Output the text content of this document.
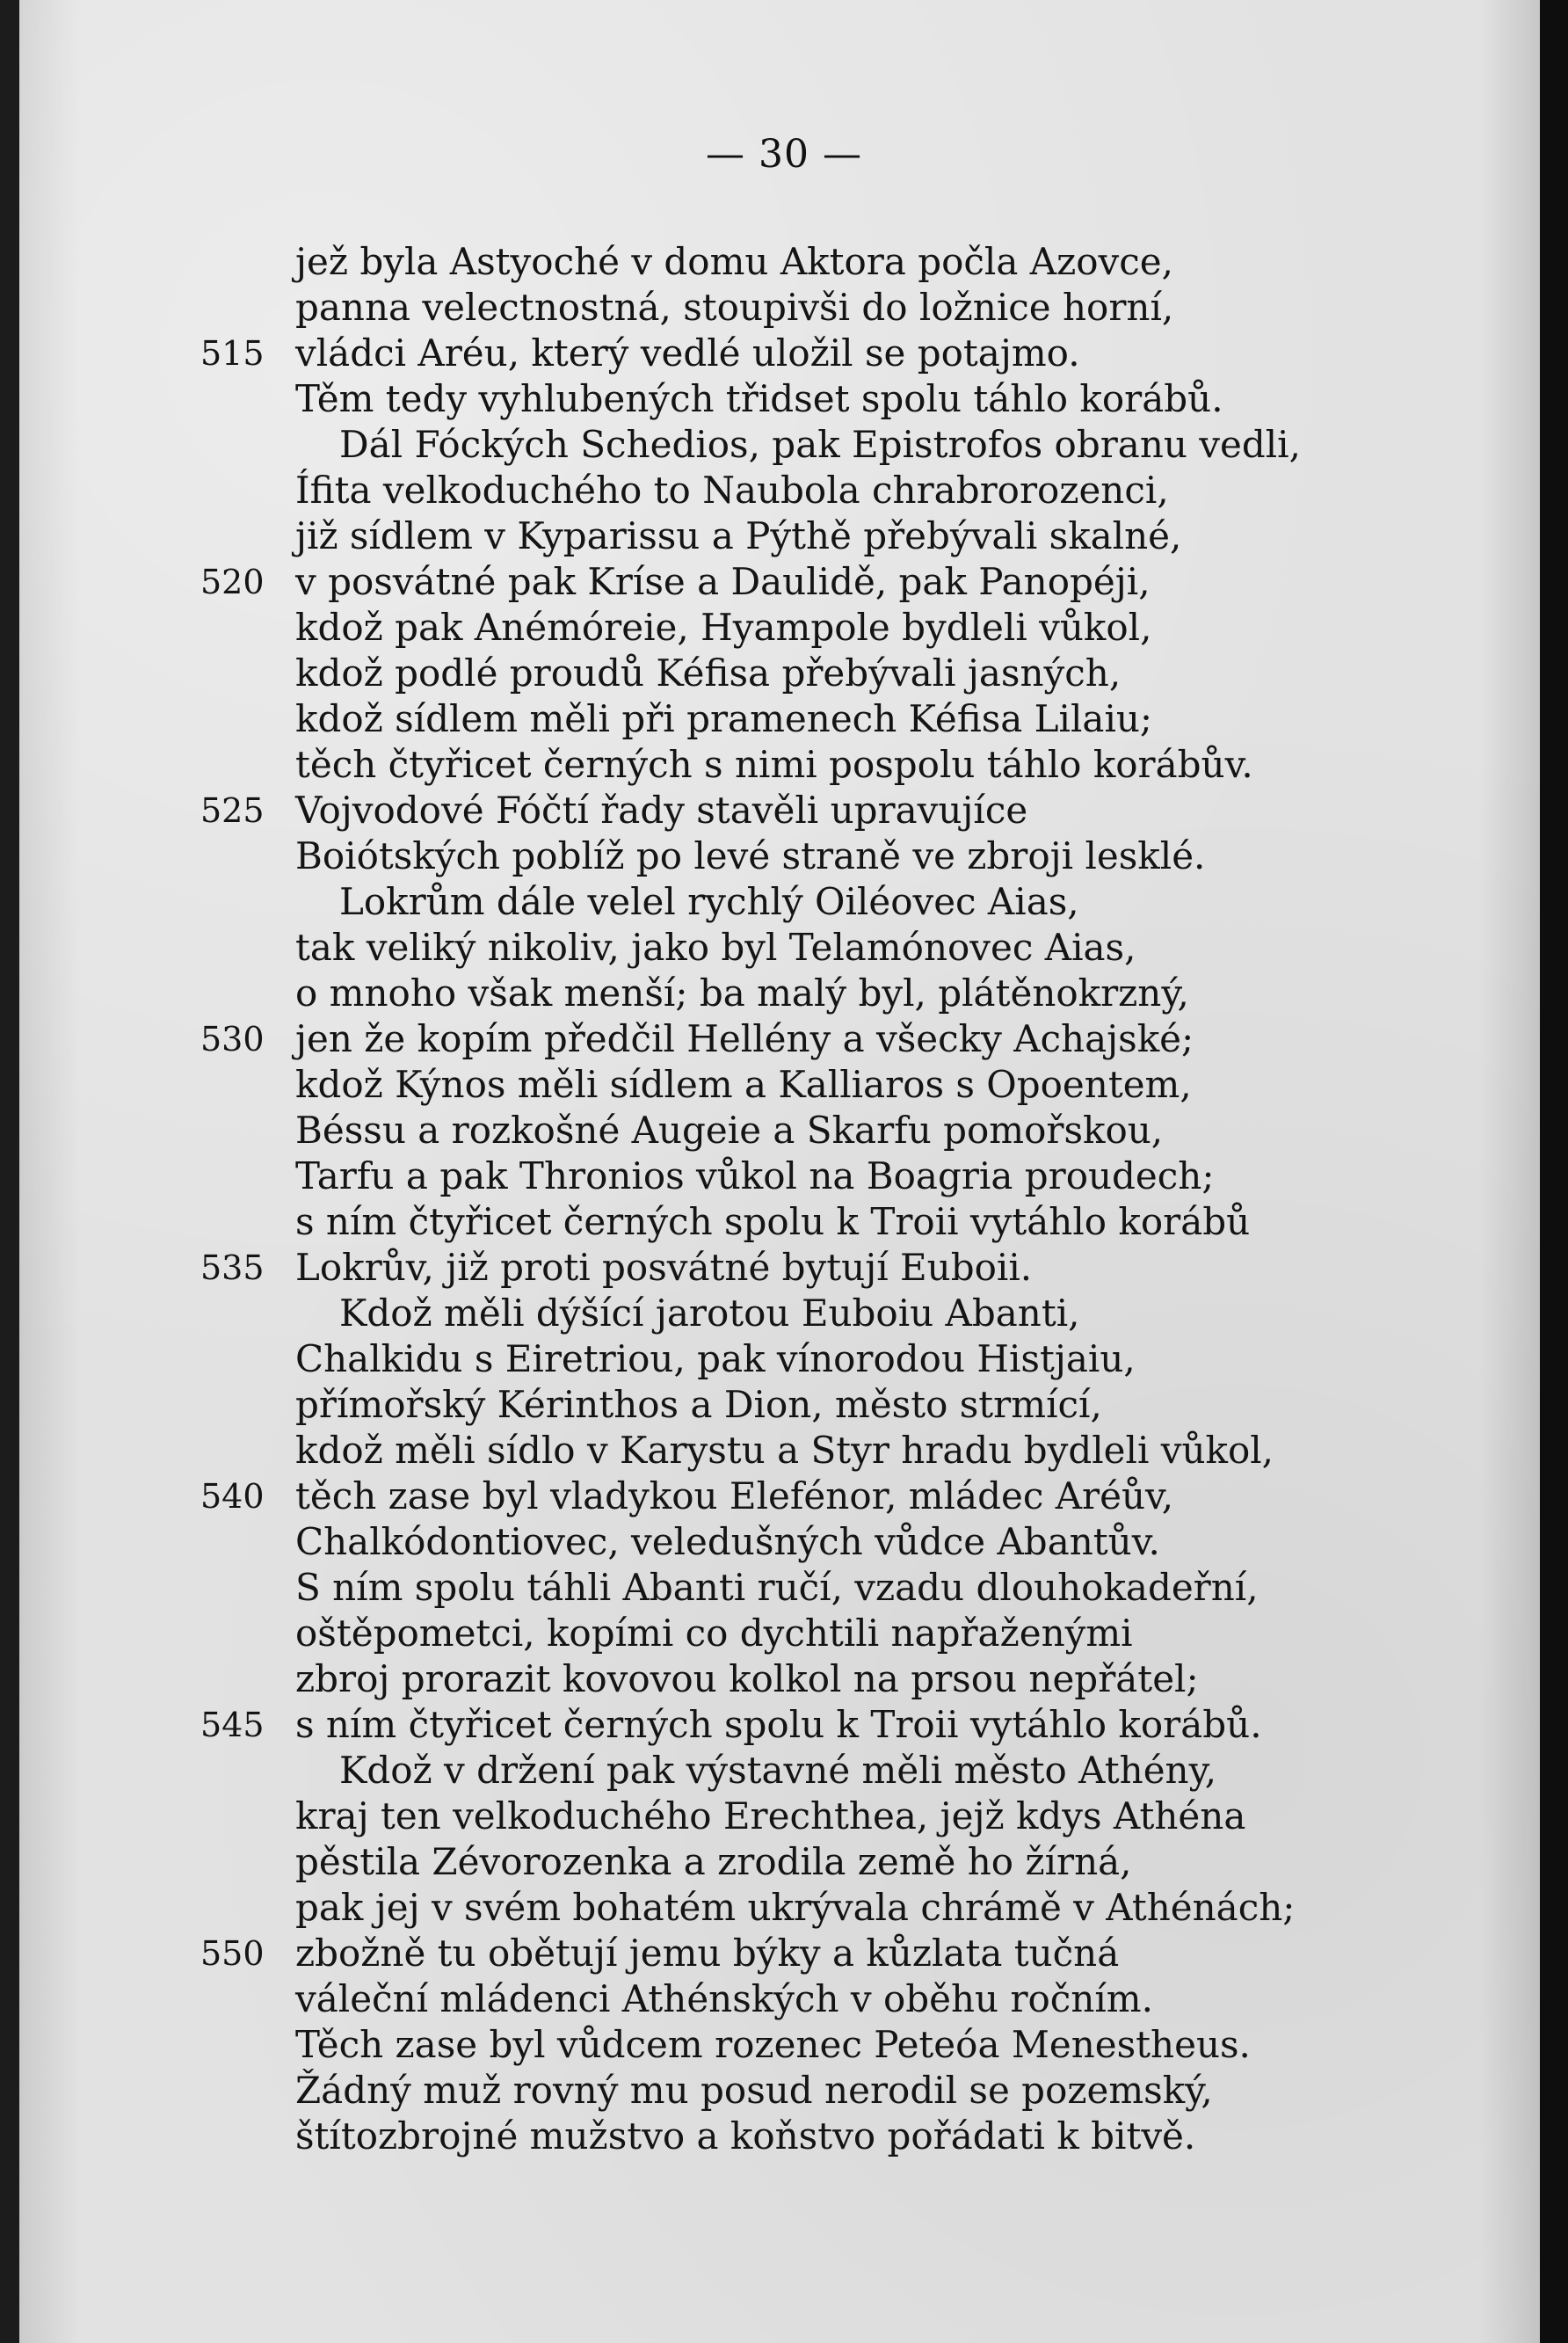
— 30 —
jež byla Astyoché v domu Aktora počla Azovce,
panna velectnostná, stoupivši do ložnice horní,
515 vládci Aréu, který vedlé uložil se potajmo.
Těm tedy vyhlubených třidset spolu táhlo korábů.
Dál Fóckých Schedios, pak Epistrofos obranu vedli,
Ífita velkoduchého to Naubola chrabrorozenci,
již sídlem v Kyparissu a Pýthě přebývali skalné,
520 v posvátné pak Kríse a Daulidě, pak Panopéji,
kdož pak Anémóreie, Hyampole bydleli vůkol,
kdož podlé proudů Kéfisa přebývali jasných,
kdož sídlem měli při pramenech Kéfisa Lilaiu;
těch čtyřicet černých s nimi pospolu táhlo korábův.
525 Vojvodové Fóčtí řady stavěli upravujíce
Boiótských poblíž po levé straně ve zbroji lesklé.
Lokrům dále velel rychlý Oiléovec Aias,
tak veliký nikoliv, jako byl Telamónovec Aias,
o mnoho však menší; ba malý byl, plátěnokrzný,
530 jen že kopím předčil Hellény a všecky Achajské;
kdož Kýnos měli sídlem a Kalliaros s Opoentem,
Béssu a rozkošné Augeie a Skarfu pomořskou,
Tarfu a pak Thronios vůkol na Boagria proudech;
s ním čtyřicet černých spolu k Troii vytáhlo korábů
535 Lokrův, již proti posvátné bytují Euboii.
Kdož měli dýšící jarotou Euboiu Abanti,
Chalkidu s Eiretriou, pak vínorodou Histjaiu,
přímořský Kérinthos a Dion, město strmící,
kdož měli sídlo v Karystu a Styr hradu bydleli vůkol,
540 těch zase byl vladykou Elefénor, mládec Aréův,
Chalkódontiovec, veledušných vůdce Abantův.
S ním spolu táhli Abanti ručí, vzadu dlouhokadeřní,
oštěpometci, kopími co dychtili napřaženými
zbroj prorazit kovovou kolkol na prsou nepřátel;
545 s ním čtyřicet černých spolu k Troii vytáhlo korábů.
Kdož v držení pak výstavné měli město Athény,
kraj ten velkoduchého Erechthea, jejž kdys Athéna
pěstila Zévorozenka a zrodila země ho žírná,
pak jej v svém bohatém ukrývala chrámě v Athénách;
550 zbožně tu obětují jemu býky a kůzlata tučná
váleční mládenci Athénských v oběhu ročním.
Těch zase byl vůdcem rozenec Peteóa Menestheus.
Žádný muž rovný mu posud nerodil se pozemský,
štítozbrojné mužstvo a koňstvo pořádati k bitvě.
